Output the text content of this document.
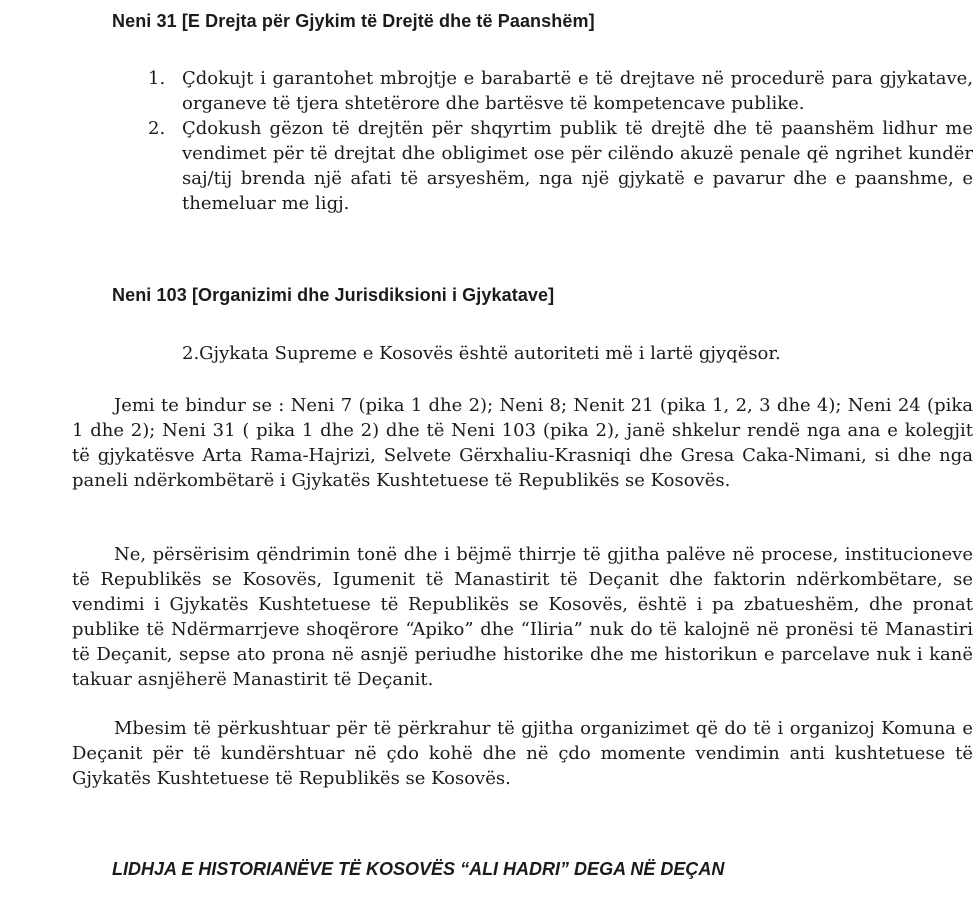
Neni 31 [E Drejta për Gjykim të Drejtë dhe të Paanshëm]
1. Çdokujt i garantohet mbrojtje e barabartë e të drejtave në procedurë para gjykatave, organeve të tjera shtetërore dhe bartësve të kompetencave publike.
2. Çdokush gëzon të drejtën për shqyrtim publik të drejtë dhe të paanshëm lidhur me vendimet për të drejtat dhe obligimet ose për cilëndo akuzë penale që ngrihet kundër saj/tij brenda një afati të arsyeshëm, nga një gjykatë e pavarur dhe e paanshme, e themeluar me ligj.
Neni 103 [Organizimi dhe Jurisdiksioni i Gjykatave]

2.Gjykata Supreme e Kosovës është autoriteti më i lartë gjyqësor.

Jemi te bindur se : Neni 7 (pika 1 dhe 2); Neni 8; Nenit 21 (pika 1, 2, 3 dhe 4); Neni 24 (pika 1 dhe 2); Neni 31 ( pika 1 dhe 2) dhe të Neni 103 (pika 2), janë shkelur rendë nga ana e kolegjit të gjykatësve Arta Rama-Hajrizi, Selvete Gërxhaliu-Krasniqi dhe Gresa Caka-Nimani, si dhe nga paneli ndërkombëtarë i Gjykatës Kushtetuese të Republikës se Kosovës.

Ne, përsërisim qëndrimin tonë dhe i bëjmë thirrje të gjitha palëve në procese, institucioneve të Republikës se Kosovës, Igumenit të Manastirit të Deçanit dhe faktorin ndërkombëtare, se vendimi i Gjykatës Kushtetuese të Republikës se Kosovës, është i pa zbatueshëm, dhe pronat publike të Ndërmarrjeve shoqërore “Apiko” dhe “Iliria” nuk do të kalojnë në pronësi të Manastiri të Deçanit, sepse ato prona në asnjë periudhe historike dhe me historikun e parcelave nuk i kanë takuar asnjëherë Manastirit të Deçanit.

Mbesim të përkushtuar për të përkrahur të gjitha organizimet që do të i organizoj Komuna e Deçanit për të kundërshtuar në çdo kohë dhe në çdo momente vendimin anti kushtetuese të Gjykatës Kushtetuese të Republikës se Kosovës.

LIDHJA E HISTORIANËVE TË KOSOVËS “ALI HADRI” DEGA NË DEÇAN
